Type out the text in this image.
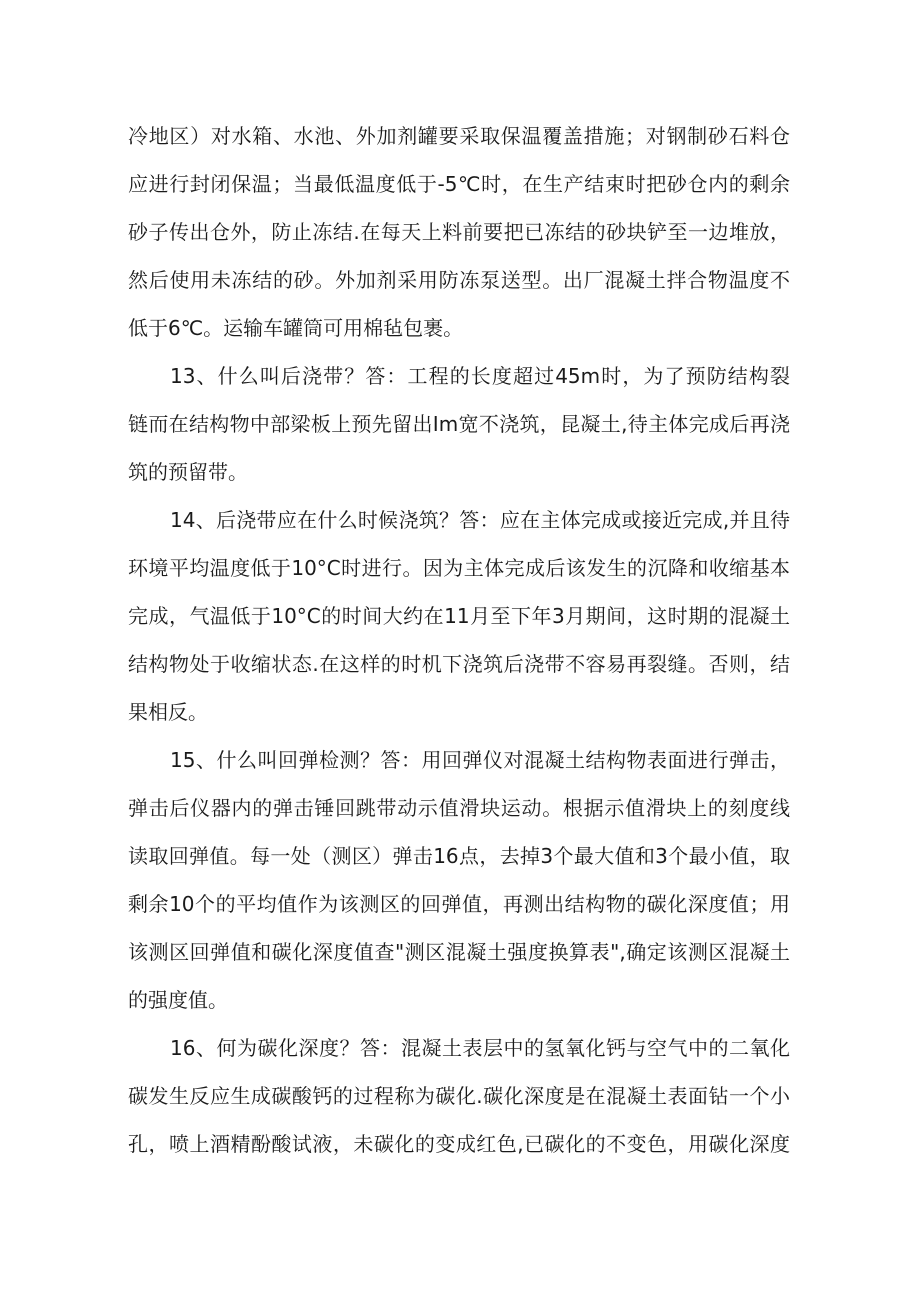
冷地区）对水箱、水池、外加剂罐要采取保温覆盖措施；对钢制砂石料仓
应进行封闭保温；当最低温度低于-5℃时，在生产结束时把砂仓内的剩余
砂子传出仓外，防止冻结.在每天上料前要把已冻结的砂块铲至一边堆放，
然后使用未冻结的砂。外加剂采用防冻泵送型。出厂混凝土拌合物温度不
低于6℃。运输车罐筒可用棉毡包裹。
13、什么叫后浇带？答：工程的长度超过45m时，为了预防结构裂
链而在结构物中部梁板上预先留出Im宽不浇筑，昆凝土,待主体完成后再浇
筑的预留带。
14、后浇带应在什么时候浇筑？答：应在主体完成或接近完成,并且待
环境平均温度低于10°C时进行。因为主体完成后该发生的沉降和收缩基本
完成，气温低于10°C的时间大约在11月至下年3月期间，这时期的混凝土
结构物处于收缩状态.在这样的时机下浇筑后浇带不容易再裂缝。否则，结
果相反。
15、什么叫回弹检测？答：用回弹仪对混凝土结构物表面进行弹击，
弹击后仪器内的弹击锤回跳带动示值滑块运动。根据示值滑块上的刻度线
读取回弹值。每一处（测区）弹击16点，去掉3个最大值和3个最小值，取
剩余10个的平均值作为该测区的回弹值，再测出结构物的碳化深度值；用
该测区回弹值和碳化深度值查"测区混凝土强度换算表",确定该测区混凝土
的强度值。
16、何为碳化深度？答：混凝土表层中的氢氧化钙与空气中的二氧化
碳发生反应生成碳酸钙的过程称为碳化.碳化深度是在混凝土表面钻一个小
孔，喷上酒精酚酸试液，未碳化的变成红色,已碳化的不变色，用碳化深度
